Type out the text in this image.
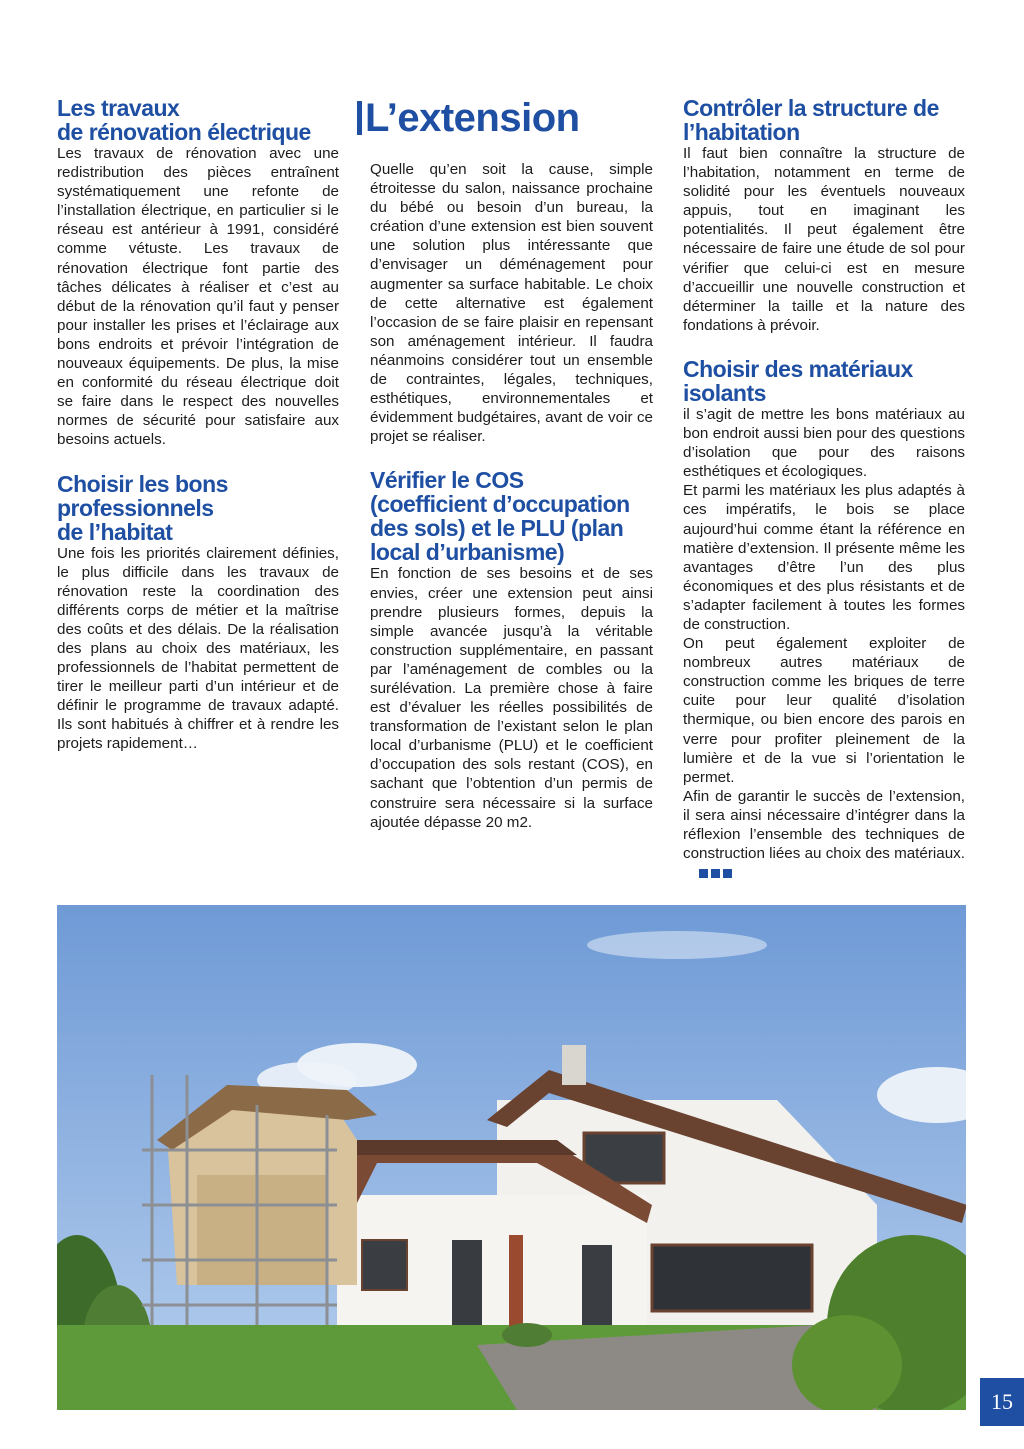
Les travaux
de rénovation électrique

Les travaux de rénovation avec une redistribution des pièces entraînent systématiquement une refonte de l’installation électrique, en particulier si le réseau est antérieur à 1991, considéré comme vétuste. Les travaux de rénovation électrique font partie des tâches délicates à réaliser et c’est au début de la rénovation qu’il faut y penser pour installer les prises et l’éclairage aux bons endroits et prévoir l’intégration de nouveaux équipements. De plus, la mise en conformité du réseau électrique doit se faire dans le respect des nouvelles normes de sécurité pour satisfaire aux besoins actuels.

Choisir les bons
professionnels
de l’habitat

Une fois les priorités clairement définies, le plus difficile dans les travaux de rénovation reste la coordination des différents corps de métier et la maîtrise des coûts et des délais. De la réalisation des plans au choix des matériaux, les professionnels de l’habitat permettent de tirer le meilleur parti d’un intérieur et de définir le programme de travaux adapté. Ils sont habitués à chiffrer et à rendre les projets rapidement…

L’extension

Quelle qu’en soit la cause, simple étroitesse du salon, naissance prochaine du bébé ou besoin d’un bureau, la création d’une extension est bien souvent une solution plus intéressante que d’envisager un déménagement pour augmenter sa surface habitable. Le choix de cette alternative est également l’occasion de se faire plaisir en repensant son aménagement intérieur. Il faudra néanmoins considérer tout un ensemble de contraintes, légales, techniques, esthétiques, environnementales et évidemment budgétaires, avant de voir ce projet se réaliser.

Vérifier le COS
(coefficient d’occupation
des sols) et le PLU (plan
local d’urbanisme)

En fonction de ses besoins et de ses envies, créer une extension peut ainsi prendre plusieurs formes, depuis la simple avancée jusqu’à la véritable construction supplémentaire, en passant par l’aménagement de combles ou la surélévation. La première chose à faire est d’évaluer les réelles possibilités de transformation de l’existant selon le plan local d’urbanisme (PLU) et le coefficient d’occupation des sols restant (COS), en sachant que l’obtention d’un permis de construire sera nécessaire si la surface ajoutée dépasse 20 m2.

Contrôler la structure de
l’habitation

Il faut bien connaître la structure de l’habitation, notamment en terme de solidité pour les éventuels nouveaux appuis, tout en imaginant les potentialités. Il peut également être nécessaire de faire une étude de sol pour vérifier que celui-ci est en mesure d’accueillir une nouvelle construction et déterminer la taille et la nature des fondations à prévoir.

Choisir des matériaux
isolants

il s’agit de mettre les bons matériaux au bon endroit aussi bien pour des questions d’isolation que pour des raisons esthétiques et écologiques.

Et parmi les matériaux les plus adaptés à ces impératifs, le bois se place aujourd’hui comme étant la référence en matière d’extension. Il présente même les avantages d’être l’un des plus économiques et des plus résistants et de s’adapter facilement à toutes les formes de construction.

On peut également exploiter de nombreux autres matériaux de construction comme les briques de terre cuite pour leur qualité d’isolation thermique, ou bien encore des parois en verre pour profiter pleinement de la lumière et de la vue si l’orientation le permet.

Afin de garantir le succès de l’extension, il sera ainsi nécessaire d’intégrer dans la réflexion l’ensemble des techniques de construction liées au choix des matériaux.

15
